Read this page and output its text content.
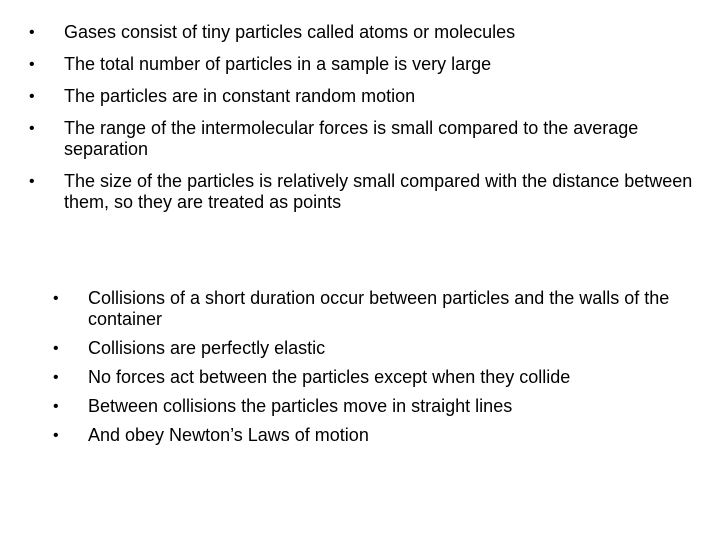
• Gases consist of tiny particles called atoms or molecules
• The total number of particles in a sample is very large
• The particles are in constant random motion
• The range of the intermolecular forces is small compared to the average separation
• The size of the particles is relatively small compared with the distance between them, so they are treated as points
• Collisions of a short duration occur between particles and the walls of the container
• Collisions are perfectly elastic
• No forces act between the particles except when they collide
• Between collisions the particles move in straight lines
• And obey Newton’s Laws of motion
